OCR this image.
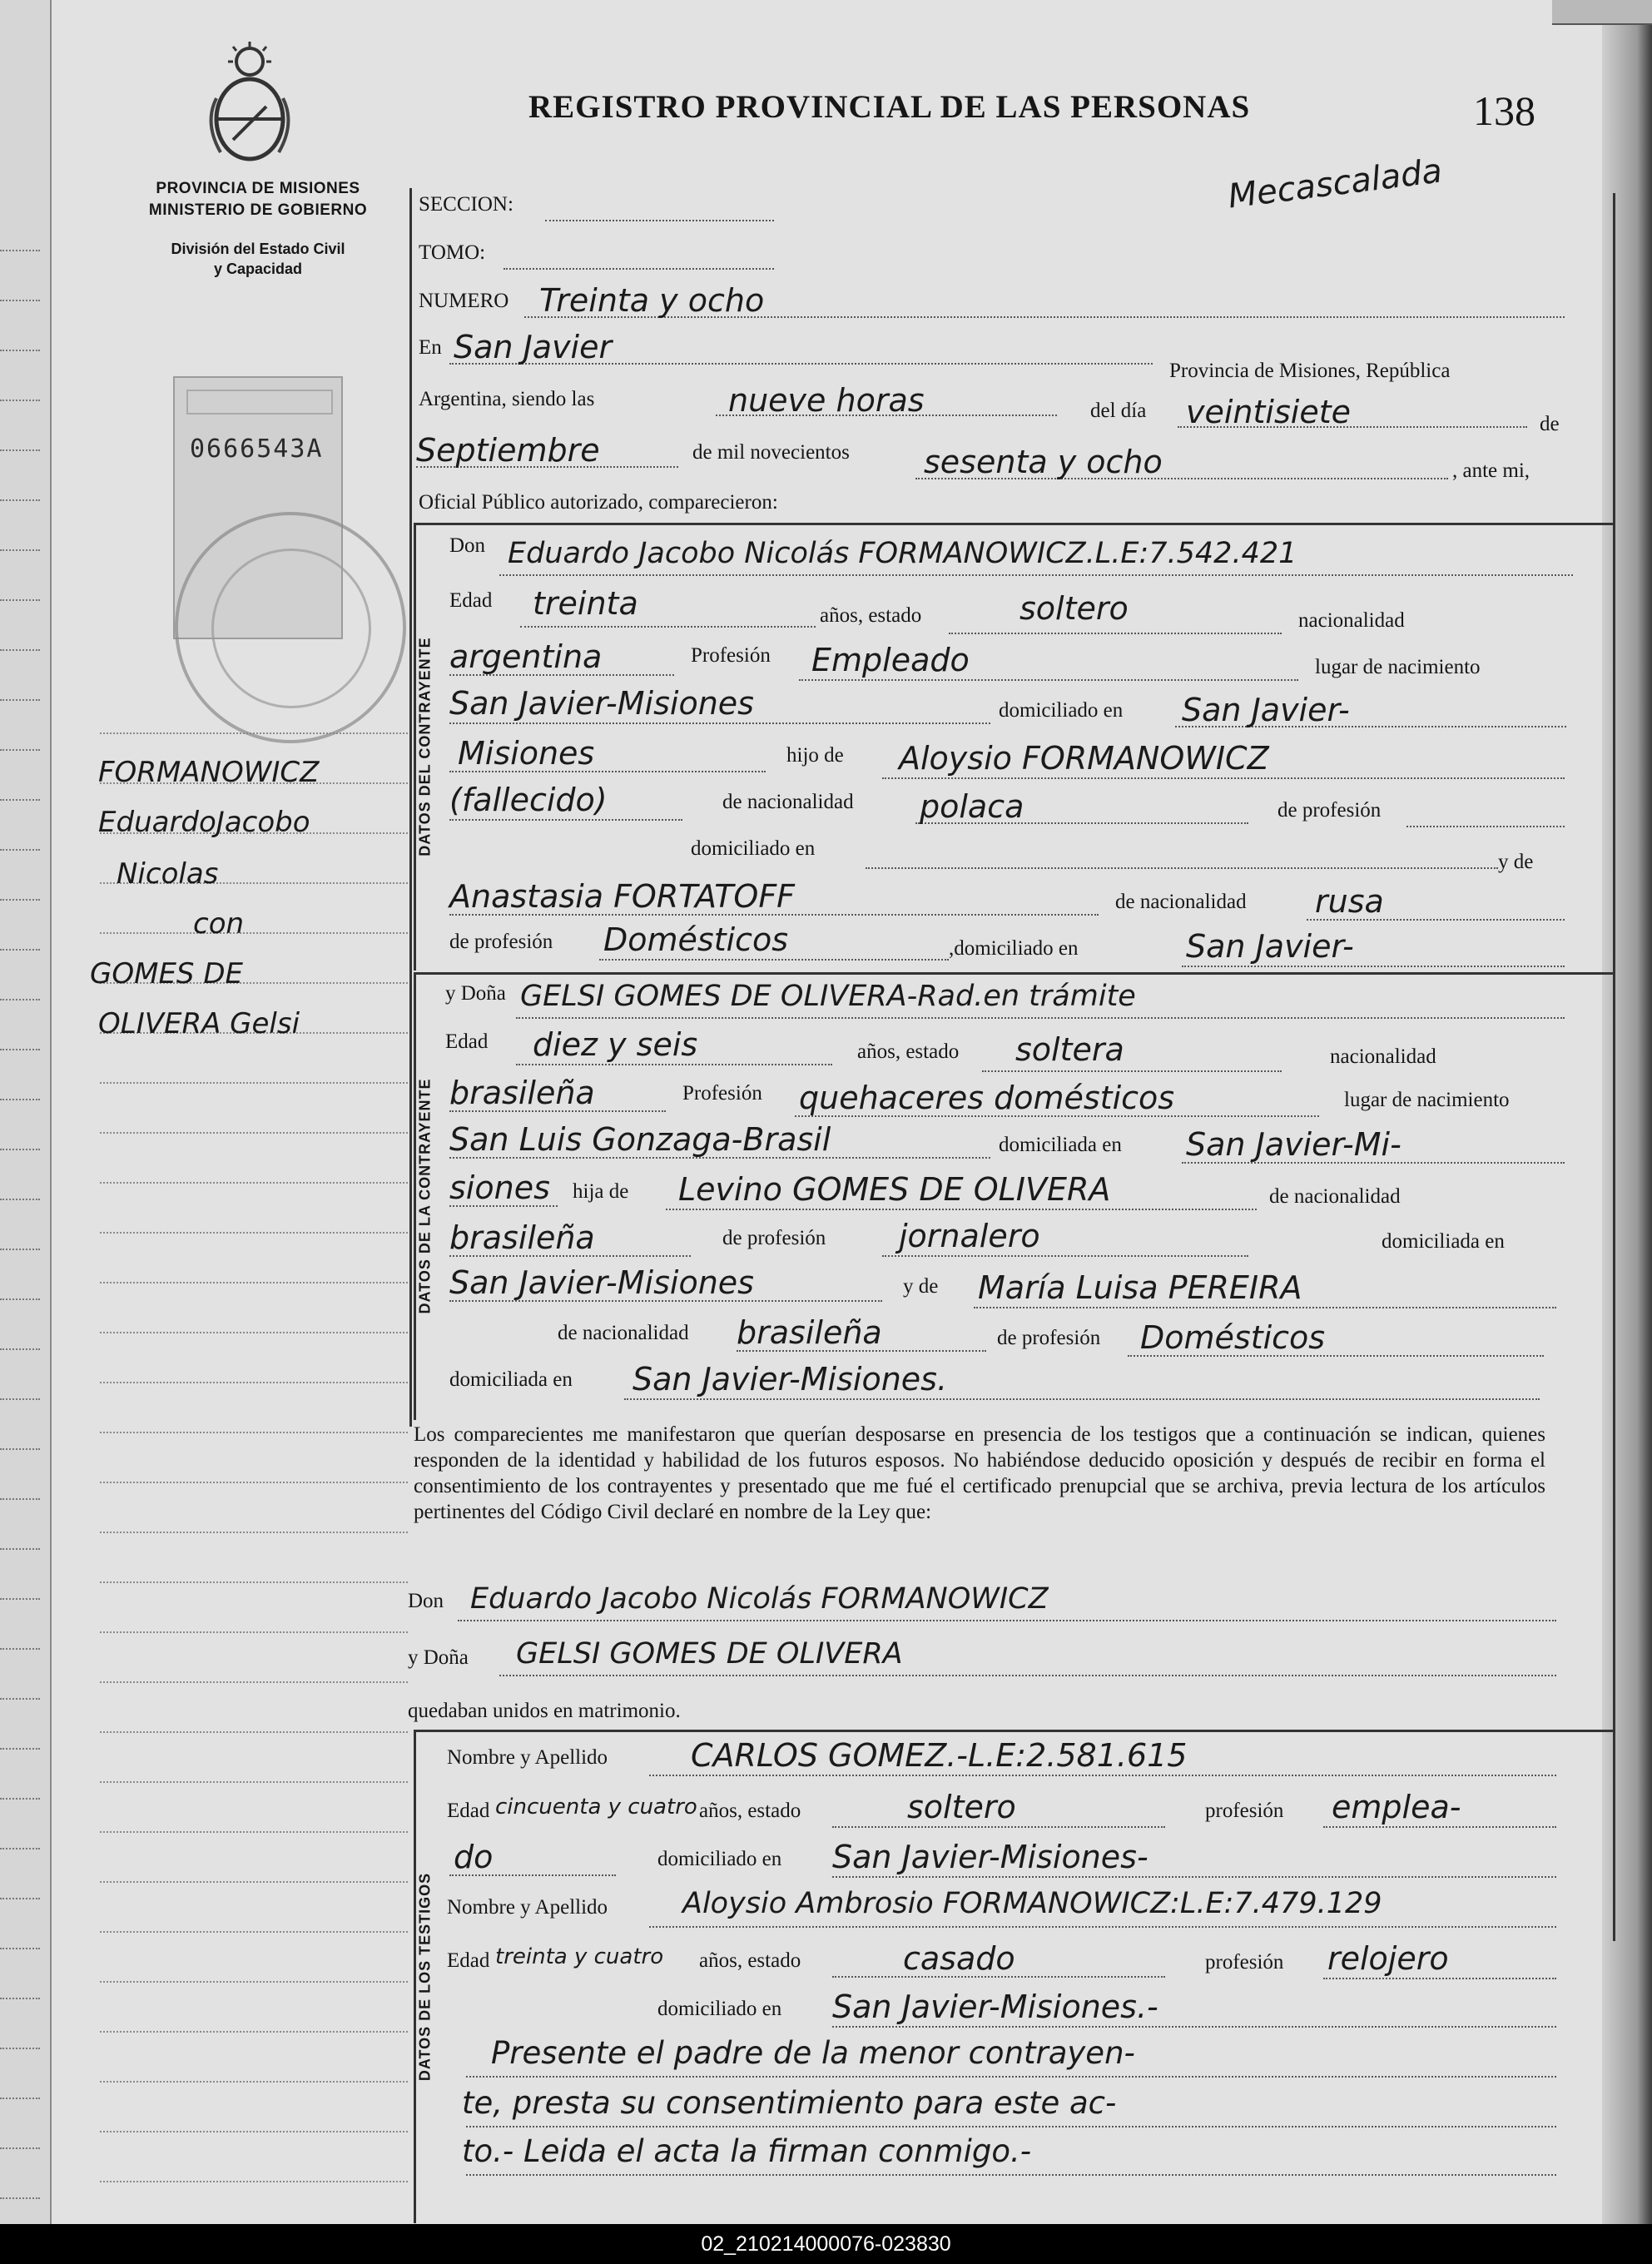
PROVINCIA DE MISIONES
MINISTERIO DE GOBIERNO
División del Estado Civil
y Capacidad
0666543A
FORMANOWICZ
EduardoJacobo
Nicolas
con
GOMES DE
OLIVERA Gelsi
REGISTRO PROVINCIAL DE LAS PERSONAS	138
Mecascalada
SECCION:
TOMO:
NUMERO Treinta y ocho
En San Javier
Provincia de Misiones, República
Argentina, siendo las	nueve horas	del día veintisiete	de
Septiembre	de mil novecientos sesenta y ocho	, ante mi,
Oficial Público autorizado, comparecieron:
DATOS DEL CONTRAYENTE
Don Eduardo Jacobo Nicolás FORMANOWICZ.L.E:7.542.421
Edad treinta	años, estado	soltero	nacionalidad
argentina	Profesión Empleado	lugar de nacimiento
San Javier-Misiones	domiciliado en San Javier-
Misiones	hijo de Aloysio FORMANOWICZ
(fallecido)	de nacionalidad polaca	de profesión
domiciliado en
y de
Anastasia FORTATOFF	de nacionalidad rusa
de profesión Domésticos	,domiciliado en	San Javier-
DATOS DE LA CONTRAYENTE
y Doña GELSI GOMES DE OLIVERA-Rad.en trámite
Edad diez y seis	años, estado soltera	nacionalidad
brasileña	Profesión quehaceres domésticos	lugar de nacimiento
San Luis Gonzaga-Brasil	domiciliada en San Javier-Mi-
siones hija de Levino GOMES DE OLIVERA	de nacionalidad
brasileña	de profesión jornalero	domiciliada en
San Javier-Misiones	y de María Luisa PEREIRA
de nacionalidad brasileña	de profesión Domésticos
domiciliada en San Javier-Misiones.
Los comparecientes me manifestaron que querían desposarse en presencia de los testigos que a continuación se indican, quienes responden de la identidad y habilidad de los futuros esposos. No habiéndose deducido oposición y después de recibir en forma el consentimiento de los contrayentes y presentado que me fué el certificado prenupcial que se archiva, previa lectura de los artículos pertinentes del Código Civil declaré en nombre de la Ley que:
Don Eduardo Jacobo Nicolás FORMANOWICZ
y Doña GELSI GOMES DE OLIVERA
quedaban unidos en matrimonio.
DATOS DE LOS TESTIGOS
Nombre y Apellido	CARLOS GOMEZ.-L.E:2.581.615
Edad cincuenta y cuatro años, estado	soltero	profesión emplea-
do	domiciliado en San Javier-Misiones-
Nombre y Apellido	Aloysio Ambrosio FORMANOWICZ:L.E:7.479.129
Edad treinta y cuatro años, estado	casado	profesión relojero
domiciliado en San Javier-Misiones.-
Presente el padre de la menor contrayen-
te, presta su consentimiento para este ac-
to.- Leida el acta la firman conmigo.-
02_210214000076-023830
